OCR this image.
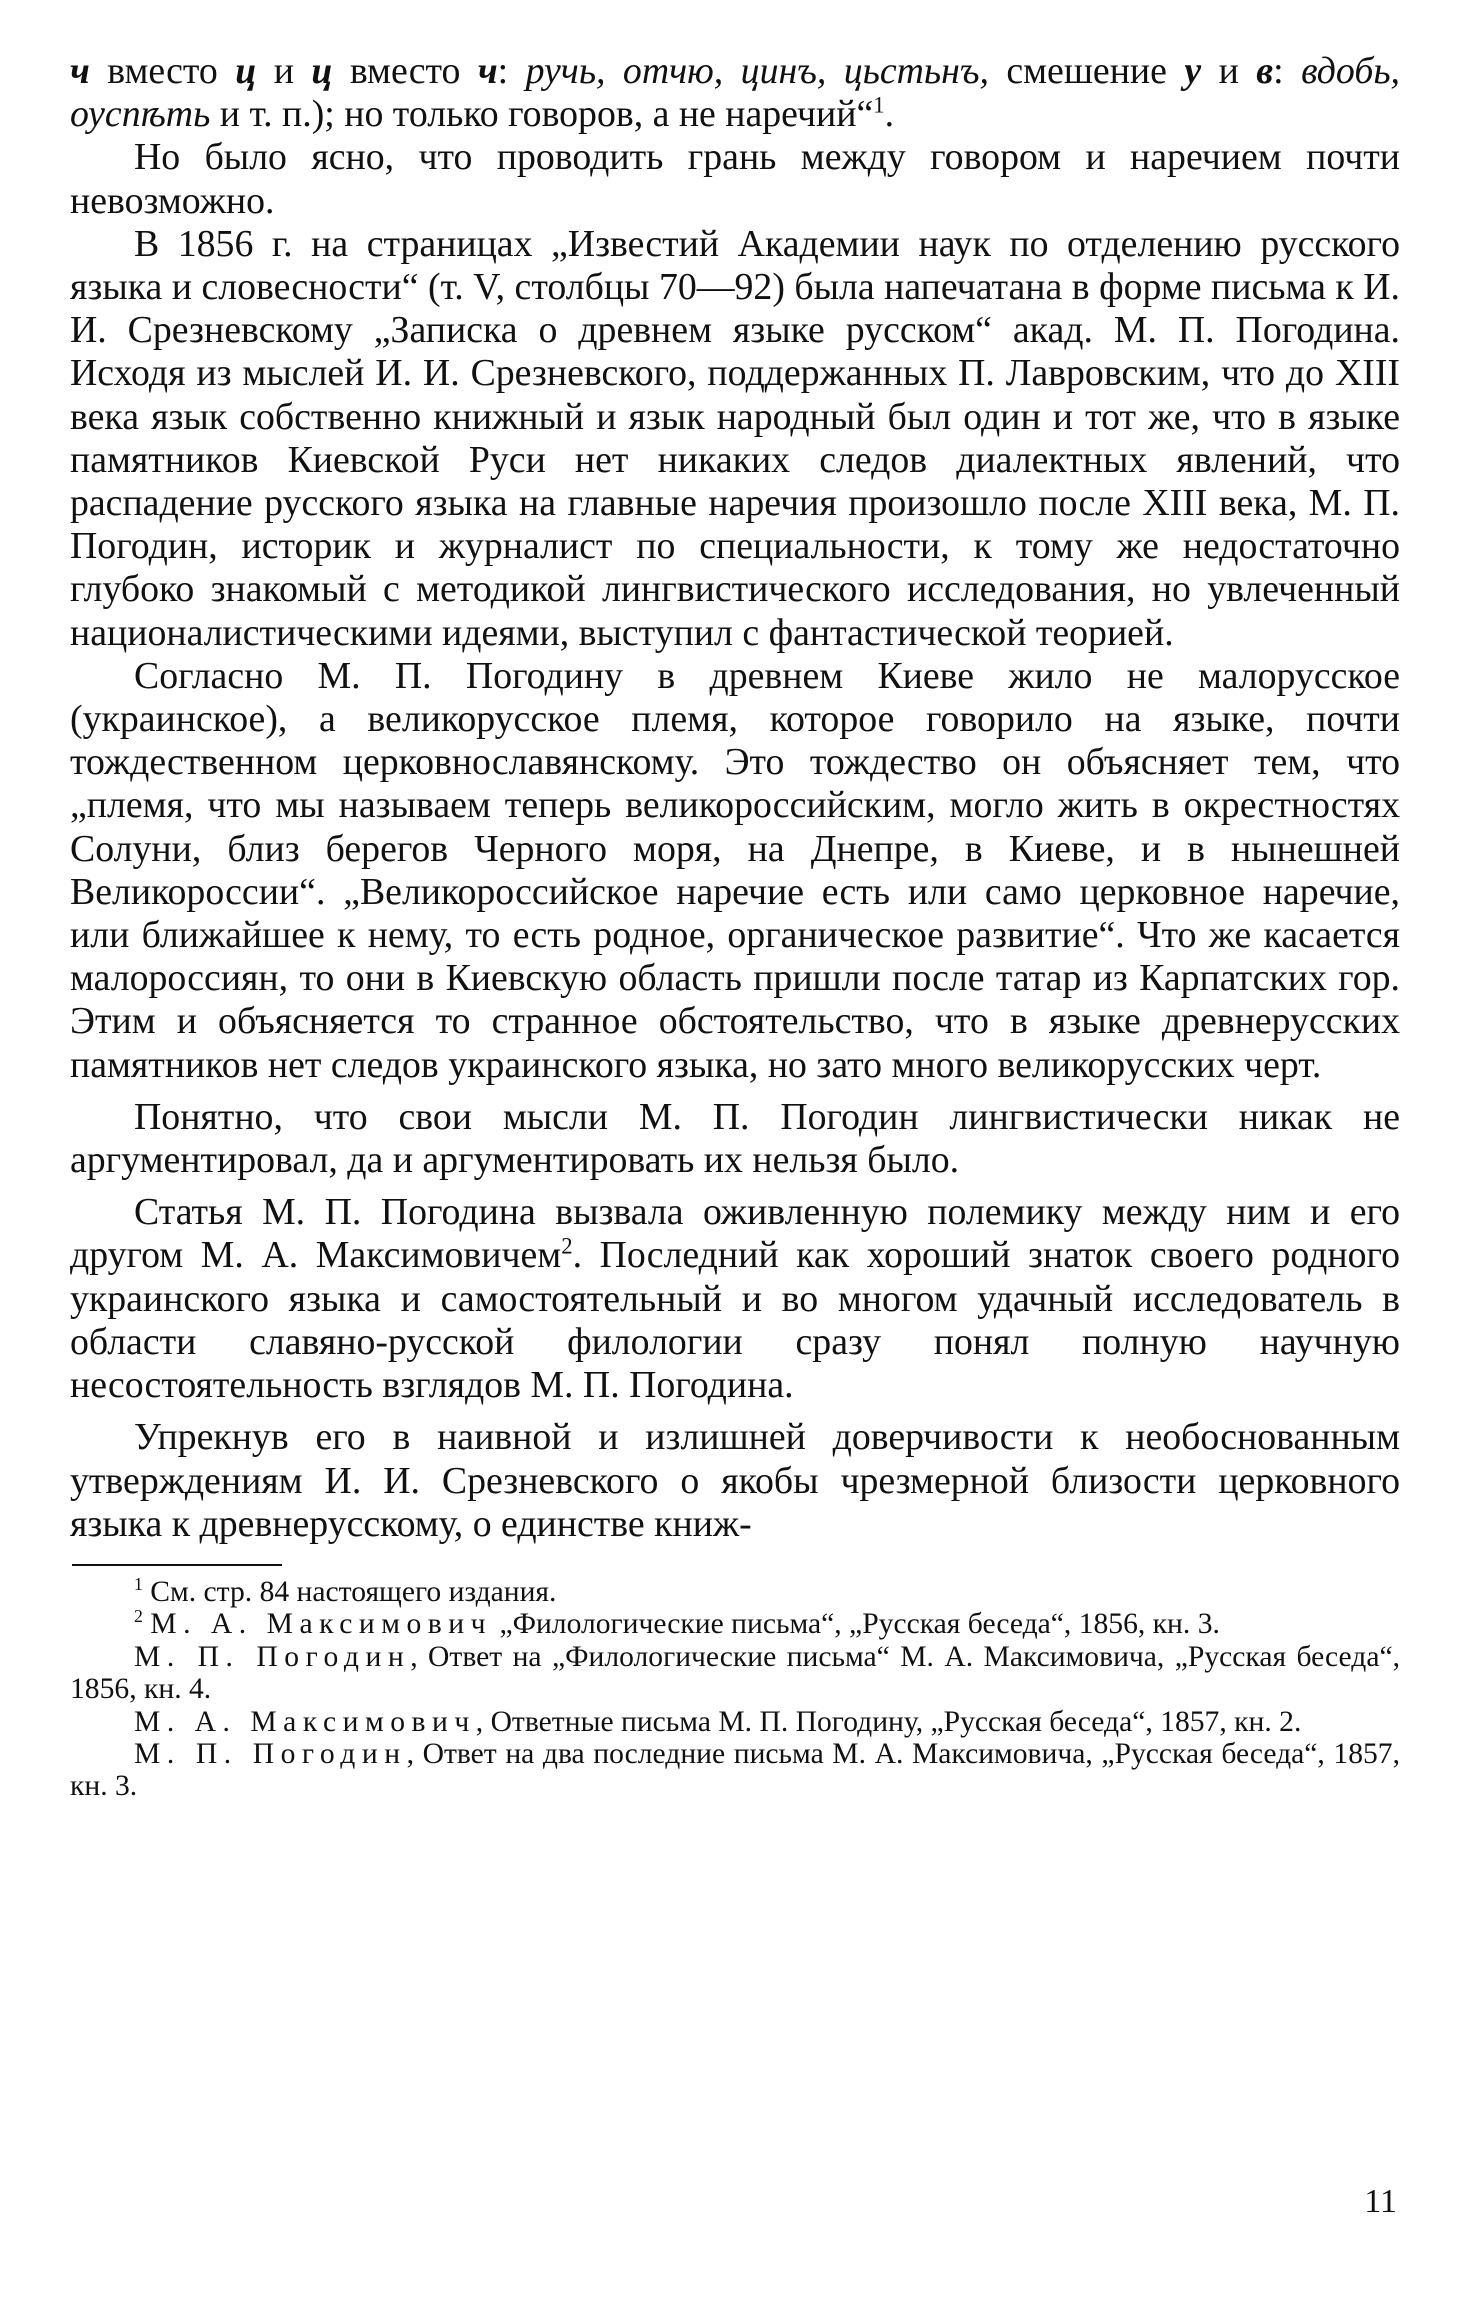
ч вместо ц и ц вместо ч: ручь, отчю, цинъ, цьстьнъ, смешение у и в: вдобь, оуспѣть и т. п.); но только говоров, а не наречий“$^1$.

Но было ясно, что проводить грань между говором и наречием почти невозможно.

В 1856 г. на страницах „Известий Академии наук по отделению русского языка и словесности“ (т. V, столбцы 70—92) была напечатана в форме письма к И. И. Срезневскому „Записка о древнем языке русском“ акад. М. П. Погодина. Исходя из мыслей И. И. Срезневского, поддержанных П. Лавровским, что до XIII века язык собственно книжный и язык народный был один и тот же, что в языке памятников Киевской Руси нет никаких следов диалектных явлений, что распадение русского языка на главные наречия произошло после XIII века, М. П. Погодин, историк и журналист по специальности, к тому же недостаточно глубоко знакомый с методикой лингвистического исследования, но увлеченный националистическими идеями, выступил с фантастической теорией.

Согласно М. П. Погодину в древнем Киеве жило не малорусское (украинское), а великорусское племя, которое говорило на языке, почти тождественном церковнославянскому. Это тождество он объясняет тем, что „племя, что мы называем теперь великороссийским, могло жить в окрестностях Солуни, близ берегов Черного моря, на Днепре, в Киеве, и в нынешней Великороссии“. „Великороссийское наречие есть или само церковное наречие, или ближайшее к нему, то есть родное, органическое развитие“. Что же касается малороссиян, то они в Киевскую область пришли после татар из Карпатских гор. Этим и объясняется то странное обстоятельство, что в языке древнерусских памятников нет следов украинского языка, но зато много великорусских черт.

Понятно, что свои мысли М. П. Погодин лингвистически никак не аргументировал, да и аргументировать их нельзя было.

Статья М. П. Погодина вызвала оживленную полемику между ним и его другом М. А. Максимовичем$^2$. Последний как хороший знаток своего родного украинского языка и самостоятельный и во многом удачный исследователь в области славяно-русской филологии сразу понял полную научную несостоятельность взглядов М. П. Погодина.

Упрекнув его в наивной и излишней доверчивости к необоснованным утверждениям И. И. Срезневского о якобы чрезмерной близости церковного языка к древнерусскому, о единстве книж-

$^1$ См. стр. 84 настоящего издания.

$^2$ М. А. Максимович „Филологические письма“, „Русская беседа“, 1856, кн. 3.

М. П. Погодин, Ответ на „Филологические письма“ М. А. Максимовича, „Русская беседа“, 1856, кн. 4.

М. А. Максимович, Ответные письма М. П. Погодину, „Русская беседа“, 1857, кн. 2.

М. П. Погодин, Ответ на два последние письма М. А. Максимовича, „Русская беседа“, 1857, кн. 3.

11
